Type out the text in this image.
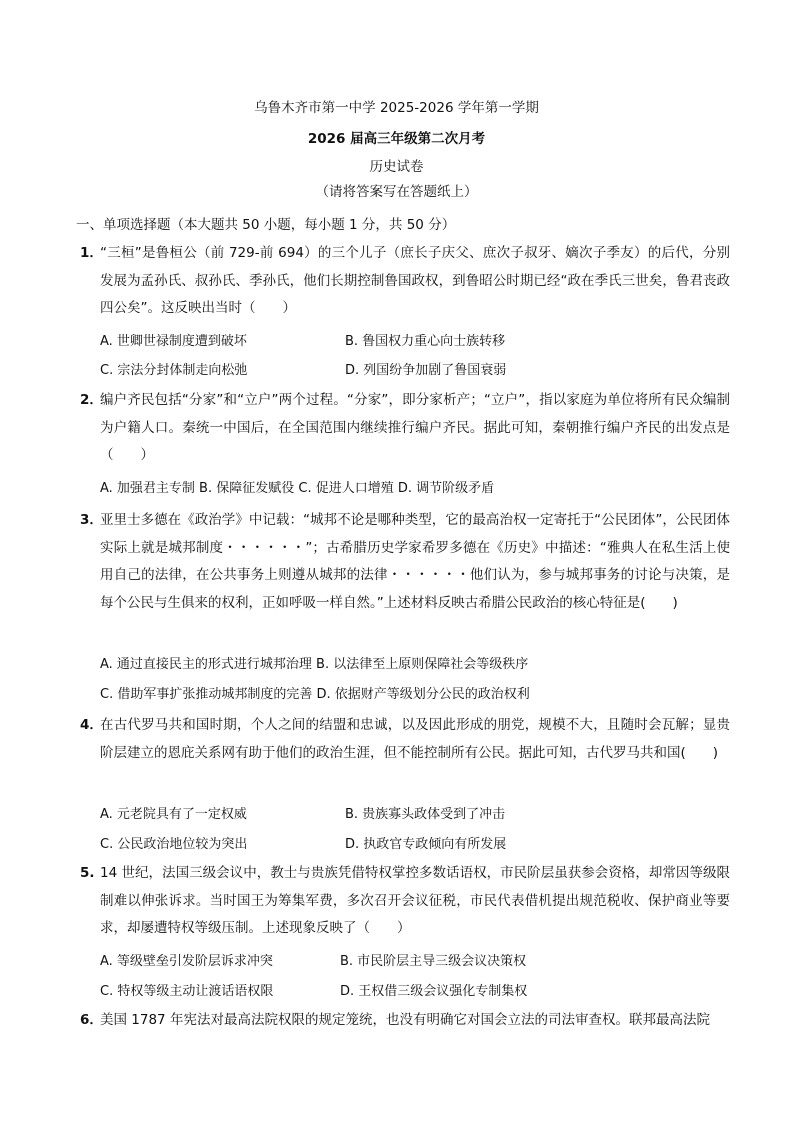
乌鲁木齐市第一中学 2025-2026 学年第一学期
2026 届高三年级第二次月考
历史试卷
（请将答案写在答题纸上）
一、单项选择题（本大题共 50 小题，每小题 1 分，共 50 分）
1．
“三桓”是鲁桓公（前 729-前 694）的三个儿子（庶长子庆父、庶次子叔牙、嫡次子季友）的后代，分别发展为孟孙氏、叔孙氏、季孙氏，他们长期控制鲁国政权，到鲁昭公时期已经“政在季氏三世矣，鲁君丧政四公矣”。这反映出当时（　　）
A. 世卿世禄制度遭到破坏	B. 鲁国权力重心向士族转移
C. 宗法分封体制走向松弛	D. 列国纷争加剧了鲁国衰弱
2．
编户齐民包括“分家”和“立户”两个过程。“分家”，即分家析产；“立户”，指以家庭为单位将所有民众编制为户籍人口。秦统一中国后，在全国范围内继续推行编户齐民。据此可知，秦朝推行编户齐民的出发点是（　　）
A. 加强君主专制 B. 保障征发赋役 C. 促进人口增殖 D. 调节阶级矛盾
3．
亚里士多德在《政治学》中记载：“城邦不论是哪种类型，它的最高治权一定寄托于“公民团体”，公民团体实际上就是城邦制度・・・・・・”；古希腊历史学家希罗多德在《历史》中描述：“雅典人在私生活上使用自己的法律，在公共事务上则遵从城邦的法律・・・・・・他们认为，参与城邦事务的讨论与决策，是每个公民与生俱来的权利，正如呼吸一样自然。”上述材料反映古希腊公民政治的核心特征是(　　)
A. 通过直接民主的形式进行城邦治理 B. 以法律至上原则保障社会等级秩序
C. 借助军事扩张推动城邦制度的完善 D. 依据财产等级划分公民的政治权利
4．
在古代罗马共和国时期，个人之间的结盟和忠诚，以及因此形成的朋党，规模不大，且随时会瓦解；显贵阶层建立的恩庇关系网有助于他们的政治生涯，但不能控制所有公民。据此可知，古代罗马共和国(　　)
A. 元老院具有了一定权威	B. 贵族寡头政体受到了冲击
C. 公民政治地位较为突出	D. 执政官专政倾向有所发展
5. 14 世纪，法国三级会议中，教士与贵族凭借特权掌控多数话语权，市民阶层虽获参会资格，却常因等级限制难以伸张诉求。当时国王为筹集军费，多次召开会议征税，市民代表借机提出规范税收、保护商业等要求，却屡遭特权等级压制。上述现象反映了（　　）
A. 等级壁垒引发阶层诉求冲突	B. 市民阶层主导三级会议决策权
C. 特权等级主动让渡话语权限	D. 王权借三级会议强化专制集权
6．
美国 1787 年宪法对最高法院权限的规定笼统，也没有明确它对国会立法的司法审查权。联邦最高法院
